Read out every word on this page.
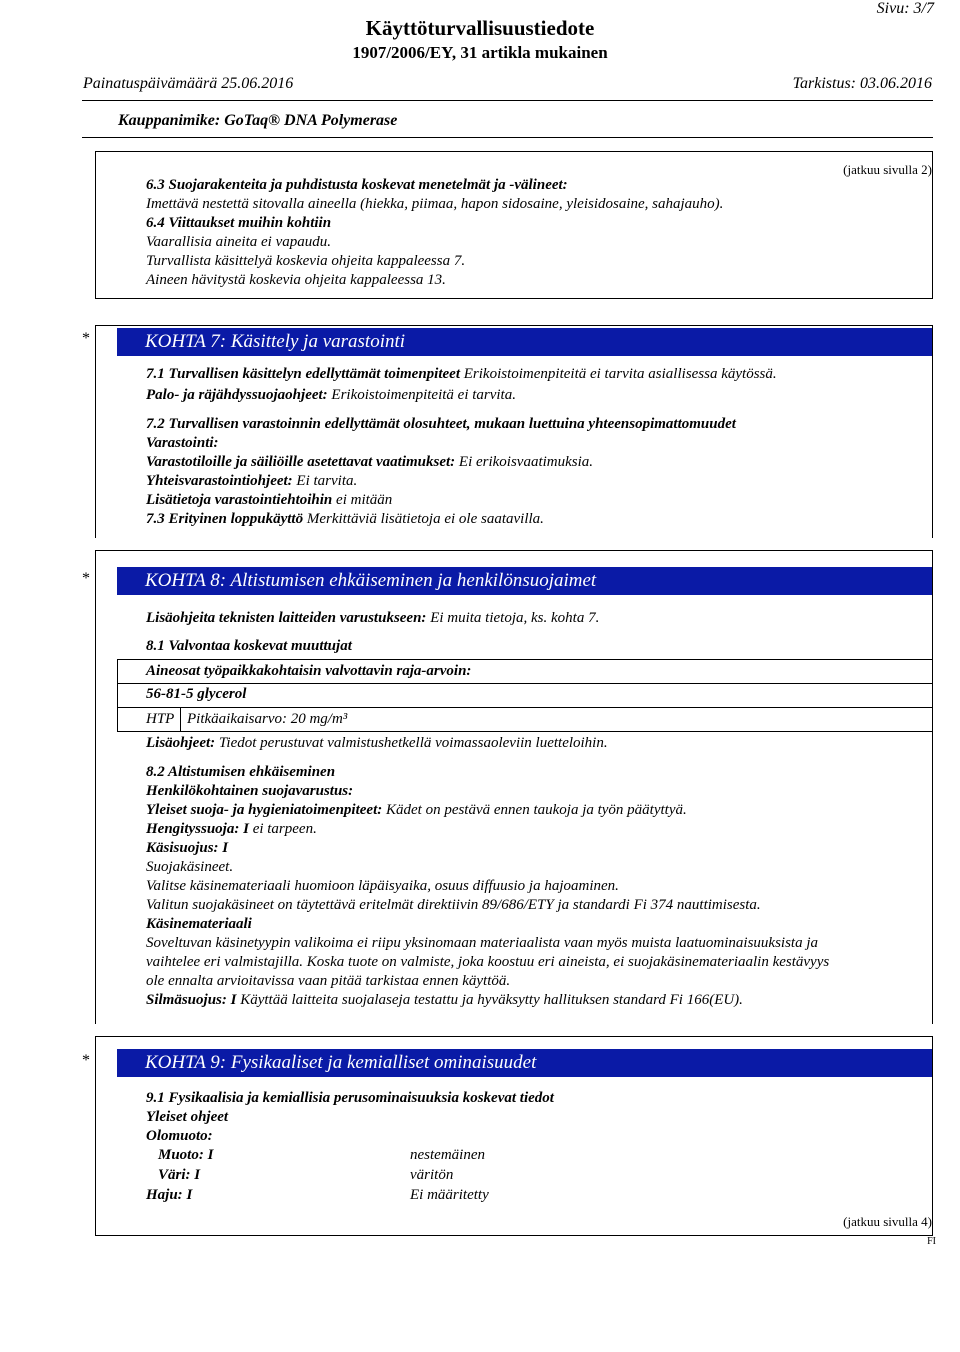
Käyttöturvallisuustiedote
1907/2006/EY, 31 artikla mukainen
Sivu: 3/7
Painatuspäivämäärä 25.06.2016	Tarkistus: 03.06.2016
Kauppanimike: GoTaq® DNA Polymerase
(jatkuu sivulla 2)
6.3 Suojarakenteita ja puhdistusta koskevat menetelmät ja -välineet:
Imettävä nestettä sitovalla aineella (hiekka, piimaa, hapon sidosaine, yleisidosaine, sahajauho).
6.4 Viittaukset muihin kohtiin
Vaarallisia aineita ei vapaudu.
Turvallista käsittelyä koskevia ohjeita kappaleessa 7.
Aineen hävitystä koskevia ohjeita kappaleessa 13.
*	KOHTA 7: Käsittely ja varastointi
7.1 Turvallisen käsittelyn edellyttämät toimenpiteet Erikoistoimenpiteitä ei tarvita asiallisessa käytössä.
Palo- ja räjähdyssuojaohjeet: Erikoistoimenpiteitä ei tarvita.
7.2 Turvallisen varastoinnin edellyttämät olosuhteet, mukaan luettuina yhteensopimattomuudet
Varastointi:
Varastotiloille ja säiliöille asetettavat vaatimukset: Ei erikoisvaatimuksia.
Yhteisvarastointiohjeet: Ei tarvita.
Lisätietoja varastointiehtoihin ei mitään
7.3 Erityinen loppukäyttö Merkittäviä lisätietoja ei ole saatavilla.
*	KOHTA 8: Altistumisen ehkäiseminen ja henkilönsuojaimet
Lisäohjeita teknisten laitteiden varustukseen: Ei muita tietoja, ks. kohta 7.
8.1 Valvontaa koskevat muuttujat
Aineosat työpaikkakohtaisin valvottavin raja-arvoin:
56-81-5 glycerol
HTP Pitkäaikaisarvo: 20 mg/m³
Lisäohjeet: Tiedot perustuvat valmistushetkellä voimassaoleviin luetteloihin.
8.2 Altistumisen ehkäiseminen
Henkilökohtainen suojavarustus:
Yleiset suoja- ja hygieniatoimenpiteet: Kädet on pestävä ennen taukoja ja työn päätyttyä.
Hengityssuoja: I ei tarpeen.
Käsisuojus: I
Suojakäsineet.
Valitse käsinemateriaali huomioon läpäisyaika, osuus diffuusio ja hajoaminen.
Valitun suojakäsineet on täytettävä eritelmät direktiivin 89/686/ETY ja standardi Fi 374 nauttimisesta.
Käsinemateriaali
Soveltuvan käsinetyypin valikoima ei riipu yksinomaan materiaalista vaan myös muista laatuominaisuuksista ja
vaihtelee eri valmistajilla. Koska tuote on valmiste, joka koostuu eri aineista, ei suojakäsinemateriaalin kestävyys
ole ennalta arvioitavissa vaan pitää tarkistaa ennen käyttöä.
Silmäsuojus: I Käyttää laitteita suojalaseja testattu ja hyväksytty hallituksen standard Fi 166(EU).
*	KOHTA 9: Fysikaaliset ja kemialliset ominaisuudet
9.1 Fysikaalisia ja kemiallisia perusominaisuuksia koskevat tiedot
Yleiset ohjeet
Olomuoto:
Muoto: I	nestemäinen
Väri: I	väritön
Haju: I	Ei määritetty
(jatkuu sivulla 4)
FI
